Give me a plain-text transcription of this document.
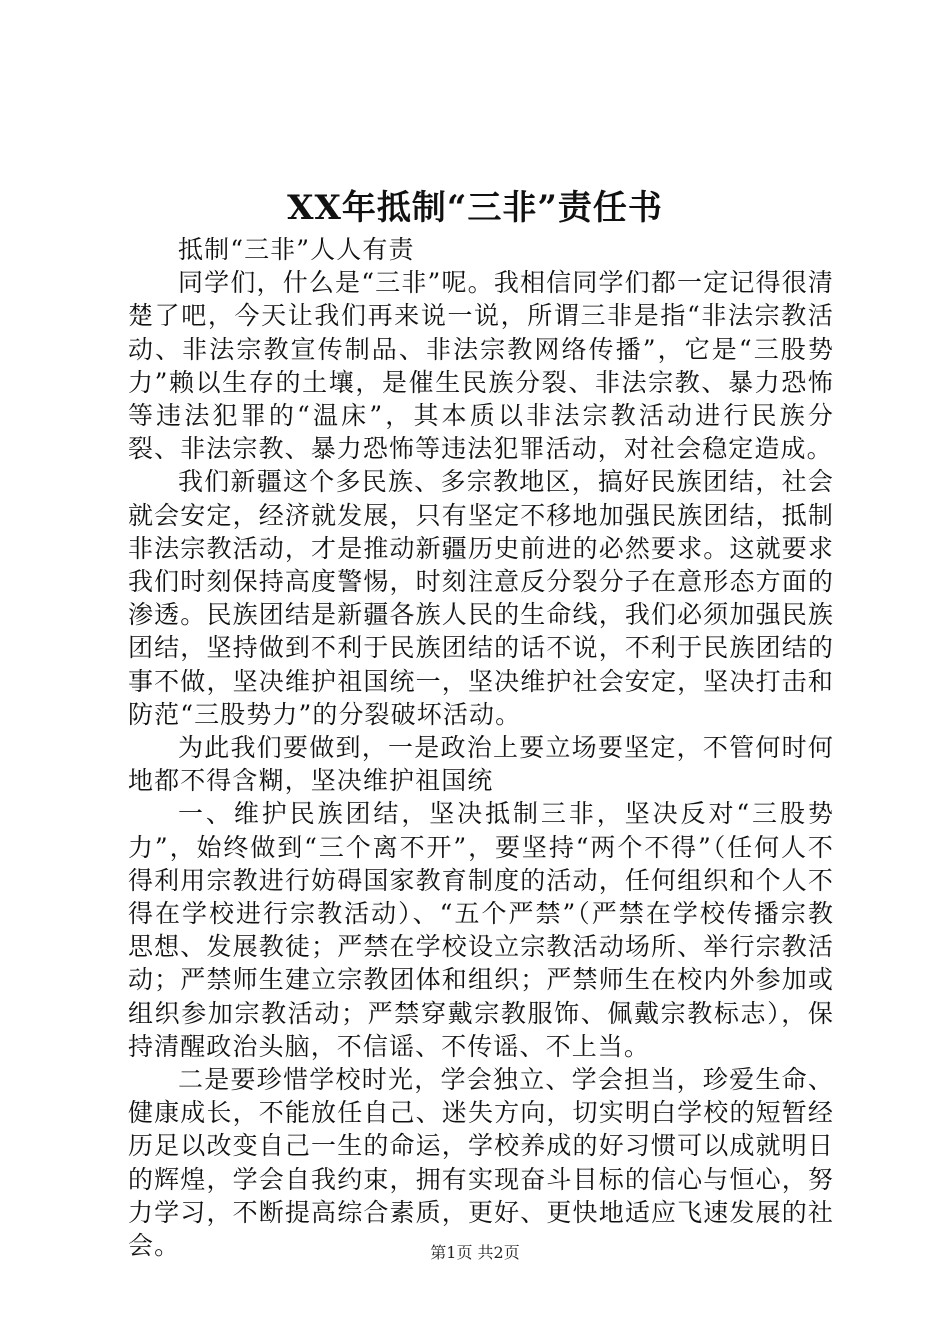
XX年抵制“三非”责任书

抵制“三非”人人有责

同学们，什么是“三非”呢。我相信同学们都一定记得很清楚了吧，今天让我们再来说一说，所谓三非是指“非法宗教活动、非法宗教宣传制品、非法宗教网络传播”，它是“三股势力”赖以生存的土壤，是催生民族分裂、非法宗教、暴力恐怖等违法犯罪的“温床”，其本质以非法宗教活动进行民族分裂、非法宗教、暴力恐怖等违法犯罪活动，对社会稳定造成。

我们新疆这个多民族、多宗教地区，搞好民族团结，社会就会安定，经济就发展，只有坚定不移地加强民族团结，抵制非法宗教活动，才是推动新疆历史前进的必然要求。这就要求我们时刻保持高度警惕，时刻注意反分裂分子在意形态方面的渗透。民族团结是新疆各族人民的生命线，我们必须加强民族团结，坚持做到不利于民族团结的话不说，不利于民族团结的事不做，坚决维护祖国统一，坚决维护社会安定，坚决打击和防范“三股势力”的分裂破坏活动。

为此我们要做到，一是政治上要立场要坚定，不管何时何地都不得含糊，坚决维护祖国统

一、维护民族团结，坚决抵制三非，坚决反对“三股势力”，始终做到“三个离不开”，要坚持“两个不得”（任何人不得利用宗教进行妨碍国家教育制度的活动，任何组织和个人不得在学校进行宗教活动）、“五个严禁”（严禁在学校传播宗教思想、发展教徒；严禁在学校设立宗教活动场所、举行宗教活动；严禁师生建立宗教团体和组织；严禁师生在校内外参加或组织参加宗教活动；严禁穿戴宗教服饰、佩戴宗教标志），保持清醒政治头脑，不信谣、不传谣、不上当。

二是要珍惜学校时光，学会独立、学会担当，珍爱生命、健康成长，不能放任自己、迷失方向，切实明白学校的短暂经历足以改变自己一生的命运，学校养成的好习惯可以成就明日的辉煌，学会自我约束，拥有实现奋斗目标的信心与恒心，努力学习，不断提高综合素质，更好、更快地适应飞速发展的社会。	第1页 共2页
